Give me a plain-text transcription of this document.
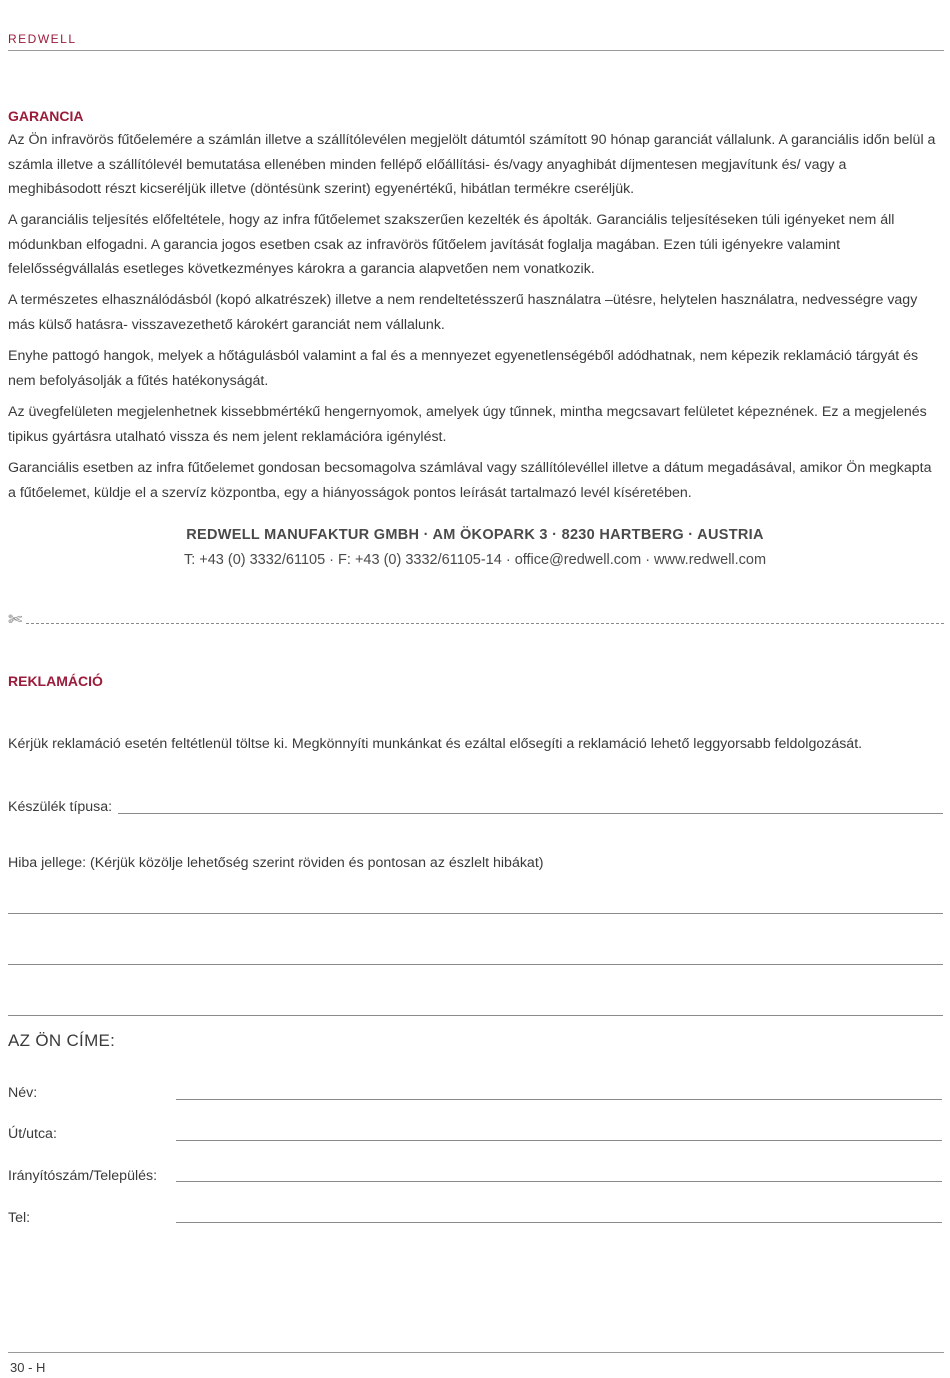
REDWELL
GARANCIA

Az Ön infravörös fűtőelemére a számlán illetve a szállítólevélen megjelölt dátumtól számított 90 hónap garanciát vállalunk. A garanciális időn belül a számla illetve a szállítólevél bemutatása ellenében minden fellépő előállítási- és/vagy anyaghibát díjmentesen megjavítunk és/ vagy a meghibásodott részt kicseréljük illetve (döntésünk szerint) egyenértékű, hibátlan termékre cseréljük.

A garanciális teljesítés előfeltétele, hogy az infra fűtőelemet szakszerűen kezelték és ápolták. Garanciális teljesítéseken túli igényeket nem áll módunkban elfogadni. A garancia jogos esetben csak az infravörös fűtőelem javítását foglalja magában. Ezen túli igényekre valamint felelősségvállalás esetleges következményes károkra a garancia alapvetően nem vonatkozik.

A természetes elhasználódásból (kopó alkatrészek) illetve a nem rendeltetésszerű használatra –ütésre, helytelen használatra, nedvességre vagy más külső hatásra- visszavezethető károkért garanciát nem vállalunk.

Enyhe pattogó hangok, melyek a hőtágulásból valamint a fal és a mennyezet egyenetlenségéből adódhatnak, nem képezik reklamáció tárgyát és nem befolyásolják a fűtés hatékonyságát.

Az üvegfelületen megjelenhetnek kissebbmértékű hengernyomok, amelyek úgy tűnnek, mintha megcsavart felületet képeznének. Ez a megjelenés tipikus gyártásra utalható vissza és nem jelent reklamációra igénylést.

Garanciális esetben az infra fűtőelemet gondosan becsomagolva számlával vagy szállítólevéllel illetve a dátum megadásával, amikor Ön megkapta a fűtőelemet, küldje el a szervíz központba, egy a hiányosságok pontos leírását tartalmazó levél kíséretében.

REDWELL MANUFAKTUR GMBH · AM ÖKOPARK 3 · 8230 HARTBERG · AUSTRIA
T: +43 (0) 3332/61105 · F: +43 (0) 3332/61105-14 · office@redwell.com · www.redwell.com
✄
REKLAMÁCIÓ
Kérjük reklamáció esetén feltétlenül töltse ki. Megkönnyíti munkánkat és ezáltal elősegíti a reklamáció lehető leggyorsabb feldolgozását.
Készülék típusa:
Hiba jellege: (Kérjük közölje lehetőség szerint röviden és pontosan az észlelt hibákat)
AZ ÖN CÍME:
Név:
Út/utca:
Irányítószám/Település:
Tel:
30 - H
